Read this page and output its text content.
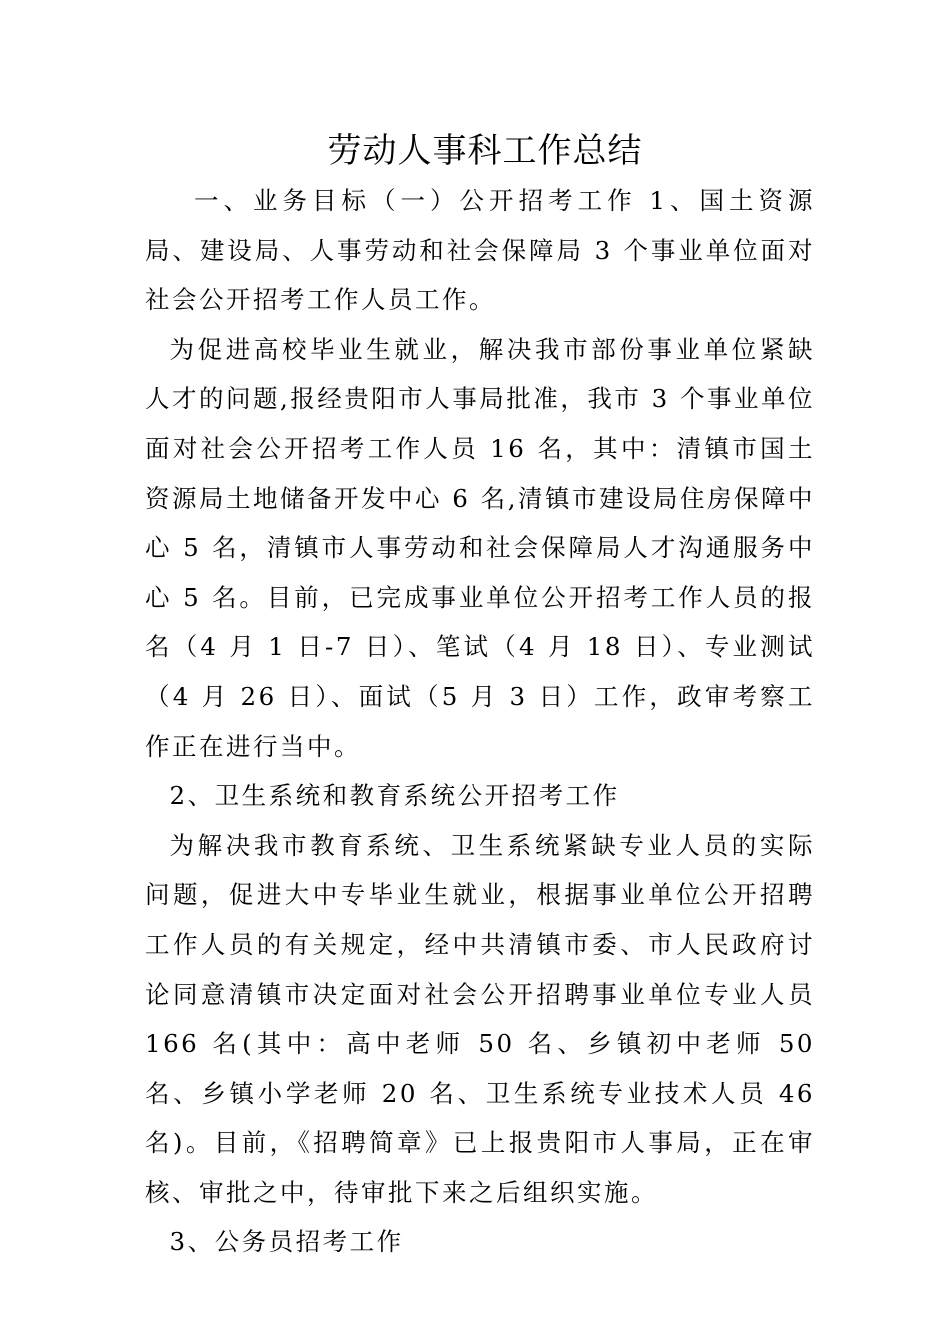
劳动人事科工作总结

一、业务目标（一）公开招考工作 1、国土资源局、建设局、人事劳动和社会保障局 3 个事业单位面对社会公开招考工作人员工作。

为促进高校毕业生就业，解决我市部份事业单位紧缺人才的问题,报经贵阳市人事局批准，我市 3 个事业单位面对社会公开招考工作人员 16 名，其中：清镇市国土资源局土地储备开发中心 6 名,清镇市建设局住房保障中心 5 名，清镇市人事劳动和社会保障局人才沟通服务中心 5 名。目前，已完成事业单位公开招考工作人员的报名（4 月 1 日-7 日）、笔试（4 月 18 日）、专业测试（4 月 26 日）、面试（5 月 3 日）工作，政审考察工作正在进行当中。

2、卫生系统和教育系统公开招考工作

为解决我市教育系统、卫生系统紧缺专业人员的实际问题，促进大中专毕业生就业，根据事业单位公开招聘工作人员的有关规定，经中共清镇市委、市人民政府讨论同意清镇市决定面对社会公开招聘事业单位专业人员 166 名(其中：高中老师 50 名、乡镇初中老师 50 名、乡镇小学老师 20 名、卫生系统专业技术人员 46 名)。目前，《招聘简章》已上报贵阳市人事局，正在审核、审批之中，待审批下来之后组织实施。

3、公务员招考工作
